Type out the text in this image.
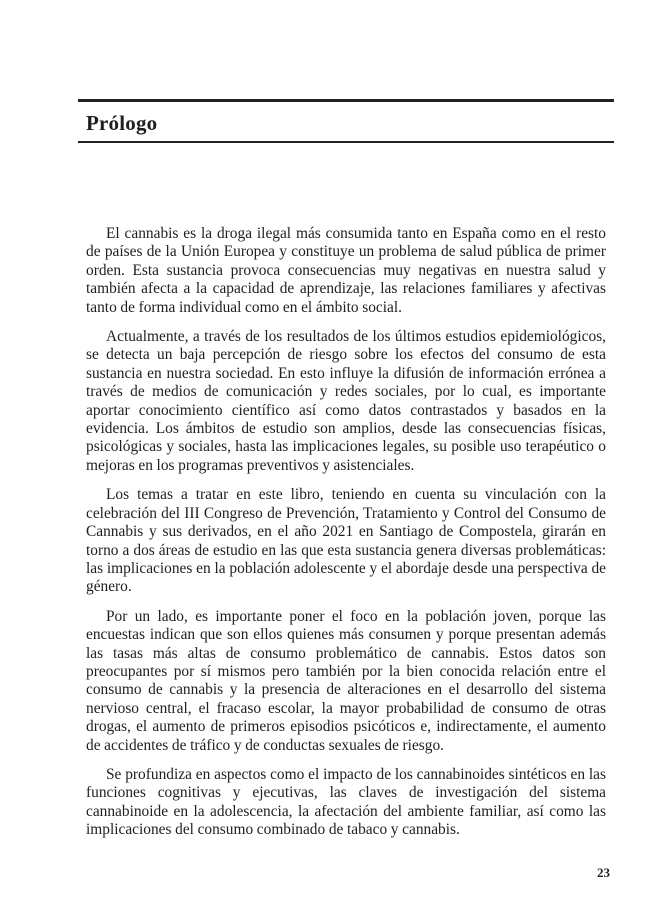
Prólogo

El cannabis es la droga ilegal más consumida tanto en España como en el resto de países de la Unión Europea y constituye un problema de salud pública de primer orden. Esta sustancia provoca consecuencias muy negativas en nuestra salud y también afecta a la capacidad de aprendizaje, las relaciones familiares y afectivas tanto de forma individual como en el ámbito social.

Actualmente, a través de los resultados de los últimos estudios epidemiológicos, se detecta un baja percepción de riesgo sobre los efectos del consumo de esta sustancia en nuestra sociedad. En esto influye la difusión de información errónea a través de medios de comunicación y redes sociales, por lo cual, es importante aportar conocimiento científico así como datos contrastados y basados en la evidencia. Los ámbitos de estudio son amplios, desde las consecuencias físicas, psicológicas y sociales, hasta las implicaciones legales, su posible uso terapéutico o mejoras en los programas preventivos y asistenciales.

Los temas a tratar en este libro, teniendo en cuenta su vinculación con la celebración del III Congreso de Prevención, Tratamiento y Control del Consumo de Cannabis y sus derivados, en el año 2021 en Santiago de Compostela, girarán en torno a dos áreas de estudio en las que esta sustancia genera diversas problemáticas: las implicaciones en la población adolescente y el abordaje desde una perspectiva de género.

Por un lado, es importante poner el foco en la población joven, porque las encuestas indican que son ellos quienes más consumen y porque presentan además las tasas más altas de consumo problemático de cannabis. Estos datos son preocupantes por sí mismos pero también por la bien conocida relación entre el consumo de cannabis y la presencia de alteraciones en el desarrollo del sistema nervioso central, el fracaso escolar, la mayor probabilidad de consumo de otras drogas, el aumento de primeros episodios psicóticos e, indirectamente, el aumento de accidentes de tráfico y de conductas sexuales de riesgo.

Se profundiza en aspectos como el impacto de los cannabinoides sintéticos en las funciones cognitivas y ejecutivas, las claves de investigación del sistema cannabinoide en la adolescencia, la afectación del ambiente familiar, así como las implicaciones del consumo combinado de tabaco y cannabis.

23
